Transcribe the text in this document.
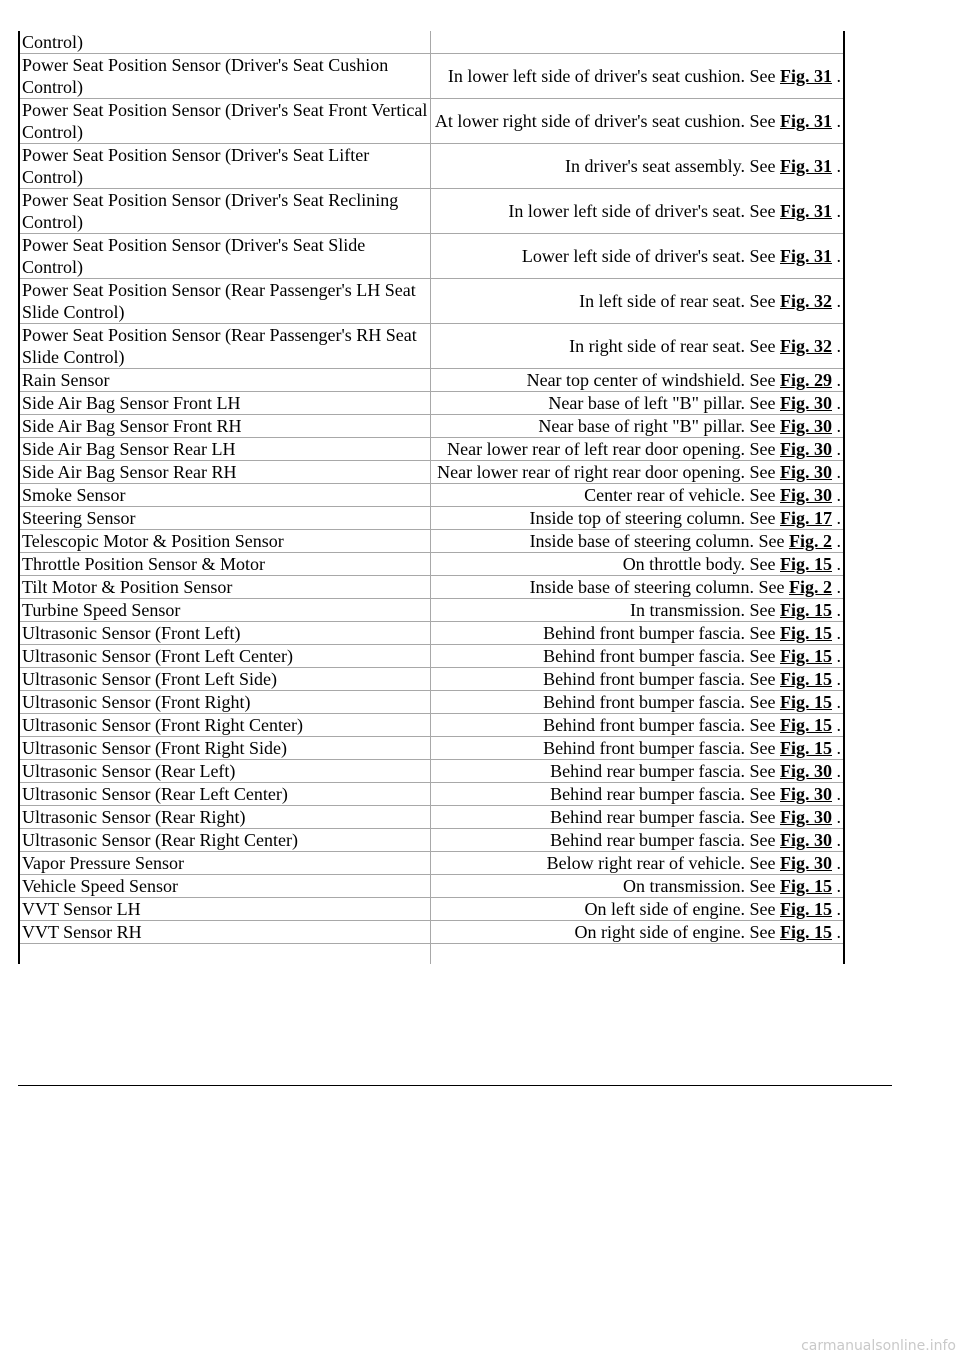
Control)	
Power Seat Position Sensor (Driver's Seat Cushion Control)	In lower left side of driver's seat cushion. See Fig. 31 .
Power Seat Position Sensor (Driver's Seat Front Vertical Control)	At lower right side of driver's seat cushion. See Fig. 31 .
Power Seat Position Sensor (Driver's Seat Lifter Control)	In driver's seat assembly. See Fig. 31 .
Power Seat Position Sensor (Driver's Seat Reclining Control)	In lower left side of driver's seat. See Fig. 31 .
Power Seat Position Sensor (Driver's Seat Slide Control)	Lower left side of driver's seat. See Fig. 31 .
Power Seat Position Sensor (Rear Passenger's LH Seat Slide Control)	In left side of rear seat. See Fig. 32 .
Power Seat Position Sensor (Rear Passenger's RH Seat Slide Control)	In right side of rear seat. See Fig. 32 .
Rain Sensor	Near top center of windshield. See Fig. 29 .
Side Air Bag Sensor Front LH	Near base of left "B" pillar. See Fig. 30 .
Side Air Bag Sensor Front RH	Near base of right "B" pillar. See Fig. 30 .
Side Air Bag Sensor Rear LH	Near lower rear of left rear door opening. See Fig. 30 .
Side Air Bag Sensor Rear RH	Near lower rear of right rear door opening. See Fig. 30 .
Smoke Sensor	Center rear of vehicle. See Fig. 30 .
Steering Sensor	Inside top of steering column. See Fig. 17 .
Telescopic Motor & Position Sensor	Inside base of steering column. See Fig. 2 .
Throttle Position Sensor & Motor	On throttle body. See Fig. 15 .
Tilt Motor & Position Sensor	Inside base of steering column. See Fig. 2 .
Turbine Speed Sensor	In transmission. See Fig. 15 .
Ultrasonic Sensor (Front Left)	Behind front bumper fascia. See Fig. 15 .
Ultrasonic Sensor (Front Left Center)	Behind front bumper fascia. See Fig. 15 .
Ultrasonic Sensor (Front Left Side)	Behind front bumper fascia. See Fig. 15 .
Ultrasonic Sensor (Front Right)	Behind front bumper fascia. See Fig. 15 .
Ultrasonic Sensor (Front Right Center)	Behind front bumper fascia. See Fig. 15 .
Ultrasonic Sensor (Front Right Side)	Behind front bumper fascia. See Fig. 15 .
Ultrasonic Sensor (Rear Left)	Behind rear bumper fascia. See Fig. 30 .
Ultrasonic Sensor (Rear Left Center)	Behind rear bumper fascia. See Fig. 30 .
Ultrasonic Sensor (Rear Right)	Behind rear bumper fascia. See Fig. 30 .
Ultrasonic Sensor (Rear Right Center)	Behind rear bumper fascia. See Fig. 30 .
Vapor Pressure Sensor	Below right rear of vehicle. See Fig. 30 .
Vehicle Speed Sensor	On transmission. See Fig. 15 .
VVT Sensor LH	On left side of engine. See Fig. 15 .
VVT Sensor RH	On right side of engine. See Fig. 15 .

carmanualsonline.info
